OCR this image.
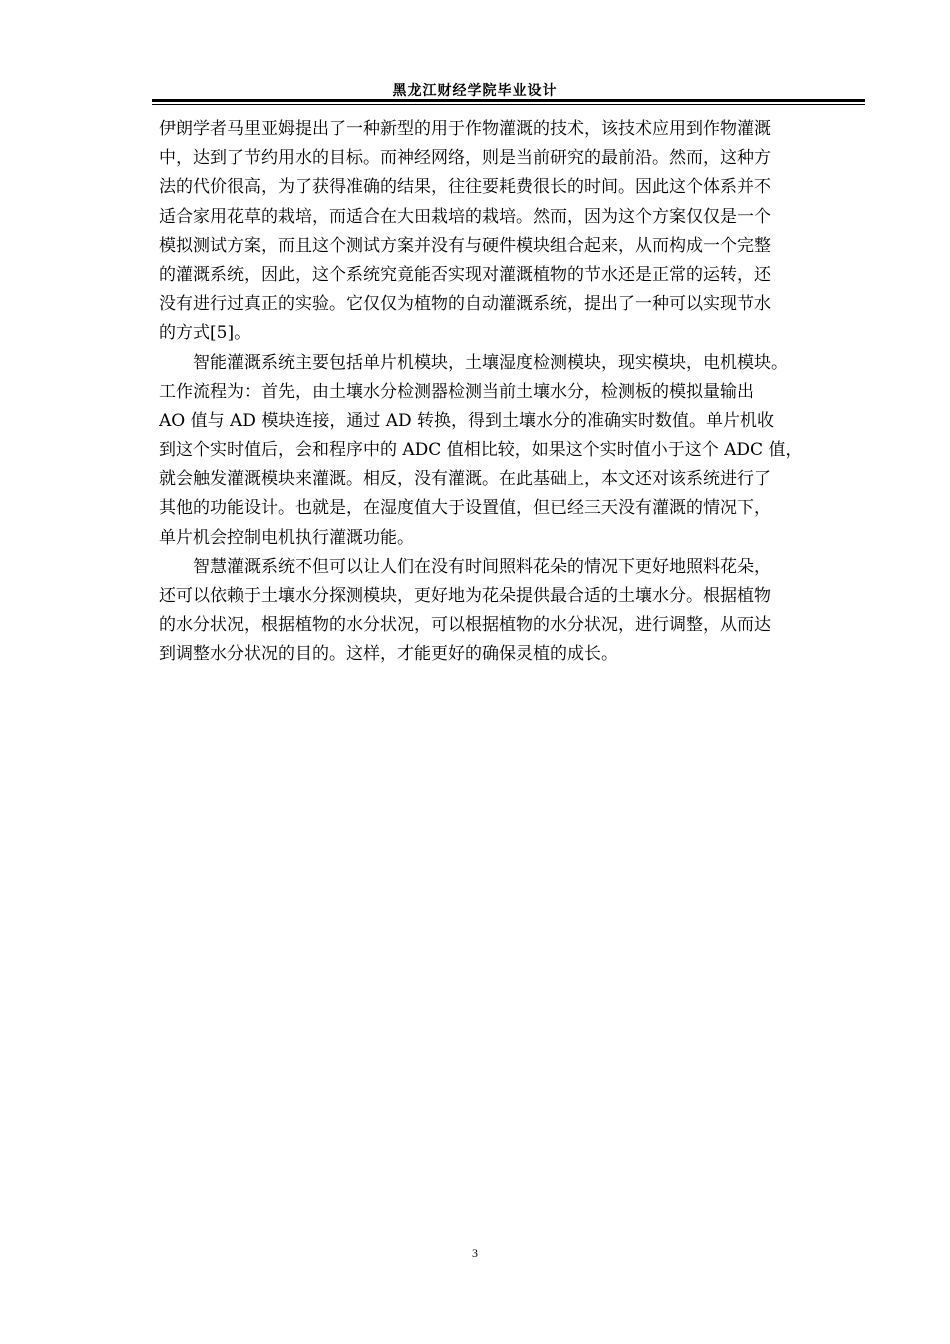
黑龙江财经学院毕业设计
伊朗学者马里亚姆提出了一种新型的用于作物灌溉的技术，该技术应用到作物灌溉
中，达到了节约用水的目标。而神经网络，则是当前研究的最前沿。然而，这种方
法的代价很高，为了获得准确的结果，往往要耗费很长的时间。因此这个体系并不
适合家用花草的栽培，而适合在大田栽培的栽培。然而，因为这个方案仅仅是一个
模拟测试方案，而且这个测试方案并没有与硬件模块组合起来，从而构成一个完整
的灌溉系统，因此，这个系统究竟能否实现对灌溉植物的节水还是正常的运转，还
没有进行过真正的实验。它仅仅为植物的自动灌溉系统，提出了一种可以实现节水
的方式[5]。
　　智能灌溉系统主要包括单片机模块，土壤湿度检测模块，现实模块，电机模块。
工作流程为：首先，由土壤水分检测器检测当前土壤水分，检测板的模拟量输出
AO 值与 AD 模块连接，通过 AD 转换，得到土壤水分的准确实时数值。单片机收
到这个实时值后，会和程序中的 ADC 值相比较，如果这个实时值小于这个 ADC 值，
就会触发灌溉模块来灌溉。相反，没有灌溉。在此基础上，本文还对该系统进行了
其他的功能设计。也就是，在湿度值大于设置值，但已经三天没有灌溉的情况下，
单片机会控制电机执行灌溉功能。
　　智慧灌溉系统不但可以让人们在没有时间照料花朵的情况下更好地照料花朵，
还可以依赖于土壤水分探测模块，更好地为花朵提供最合适的土壤水分。根据植物
的水分状况，根据植物的水分状况，可以根据植物的水分状况，进行调整，从而达
到调整水分状况的目的。这样，才能更好的确保灵植的成长。
3
